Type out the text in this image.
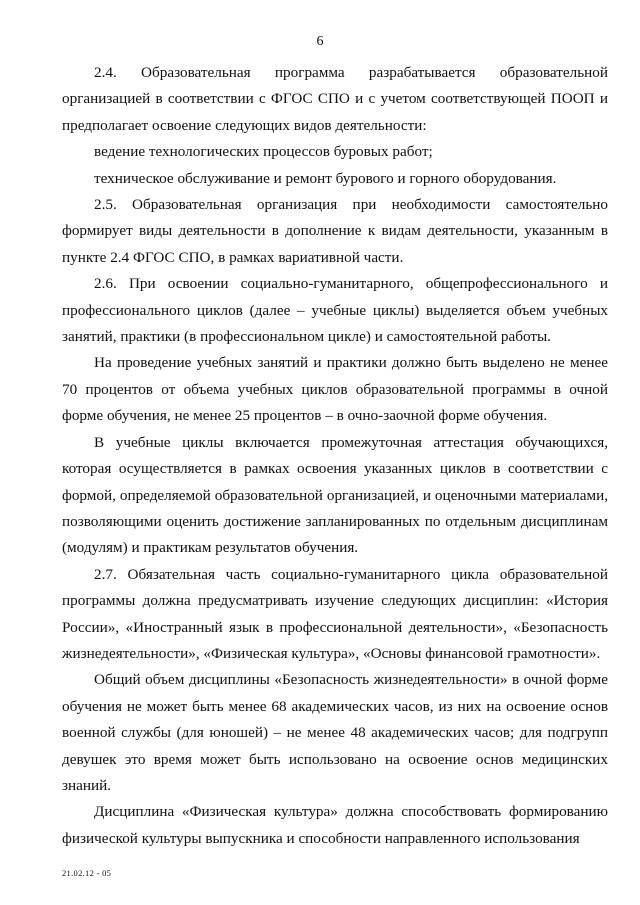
6

2.4. Образовательная программа разрабатывается образовательной организацией в соответствии с ФГОС СПО и с учетом соответствующей ПООП и предполагает освоение следующих видов деятельности:

ведение технологических процессов буровых работ;

техническое обслуживание и ремонт бурового и горного оборудования.

2.5. Образовательная организация при необходимости самостоятельно формирует виды деятельности в дополнение к видам деятельности, указанным в пункте 2.4 ФГОС СПО, в рамках вариативной части.

2.6. При освоении социально-гуманитарного, общепрофессионального и профессионального циклов (далее – учебные циклы) выделяется объем учебных занятий, практики (в профессиональном цикле) и самостоятельной работы.

На проведение учебных занятий и практики должно быть выделено не менее 70 процентов от объема учебных циклов образовательной программы в очной форме обучения, не менее 25 процентов – в очно-заочной форме обучения.

В учебные циклы включается промежуточная аттестация обучающихся, которая осуществляется в рамках освоения указанных циклов в соответствии с формой, определяемой образовательной организацией, и оценочными материалами, позволяющими оценить достижение запланированных по отдельным дисциплинам (модулям) и практикам результатов обучения.

2.7. Обязательная часть социально-гуманитарного цикла образовательной программы должна предусматривать изучение следующих дисциплин: «История России», «Иностранный язык в профессиональной деятельности», «Безопасность жизнедеятельности», «Физическая культура», «Основы финансовой грамотности».

Общий объем дисциплины «Безопасность жизнедеятельности» в очной форме обучения не может быть менее 68 академических часов, из них на освоение основ военной службы (для юношей) – не менее 48 академических часов; для подгрупп девушек это время может быть использовано на освоение основ медицинских знаний.

Дисциплина «Физическая культура» должна способствовать формированию физической культуры выпускника и способности направленного использования

21.02.12 - 05
